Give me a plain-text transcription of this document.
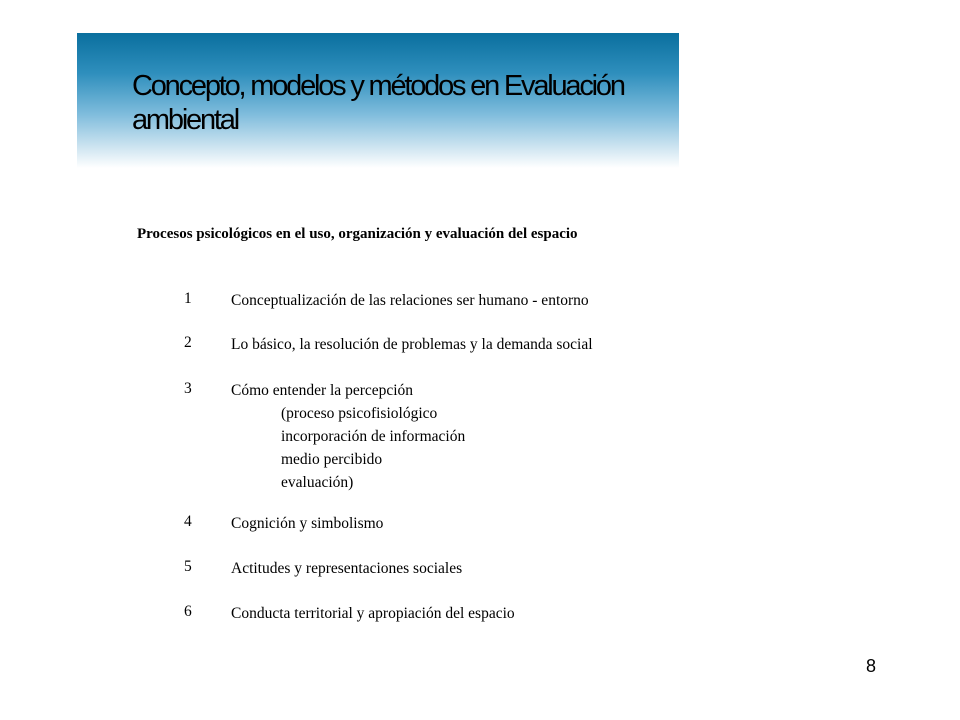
Concepto, modelos y métodos en Evaluación ambiental

Procesos psicológicos en el uso, organización y evaluación del espacio

1	Conceptualización de las relaciones ser humano - entorno
2	Lo básico, la resolución de problemas y la demanda social
3	Cómo entender la percepción
(proceso psicofisiológico
incorporación de información
medio percibido
evaluación)
4	Cognición y simbolismo
5	Actitudes y representaciones sociales
6	Conducta territorial y apropiación del espacio
8
